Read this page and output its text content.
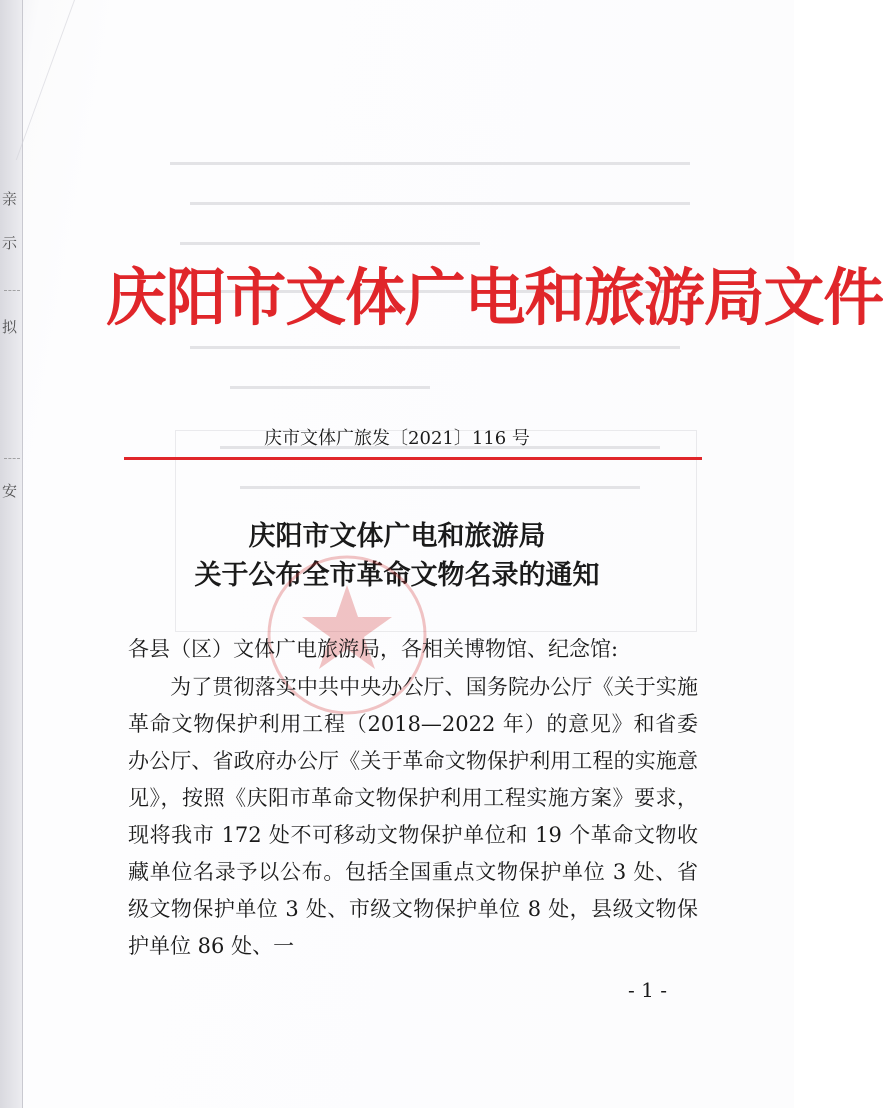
亲
示
拟
安
庆阳市文体广电和旅游局文件
庆市文体广旅发〔2021〕116 号
庆阳市文体广电和旅游局
关于公布全市革命文物名录的通知
各县（区）文体广电旅游局，各相关博物馆、纪念馆:
为了贯彻落实中共中央办公厅、国务院办公厅《关于实施革命文物保护利用工程（2018—2022 年）的意见》和省委办公厅、省政府办公厅《关于革命文物保护利用工程的实施意见》，按照《庆阳市革命文物保护利用工程实施方案》要求，现将我市 172 处不可移动文物保护单位和 19 个革命文物收藏单位名录予以公布。包括全国重点文物保护单位 3 处、省级文物保护单位 3 处、市级文物保护单位 8 处，县级文物保护单位 86 处、一
- 1 -
